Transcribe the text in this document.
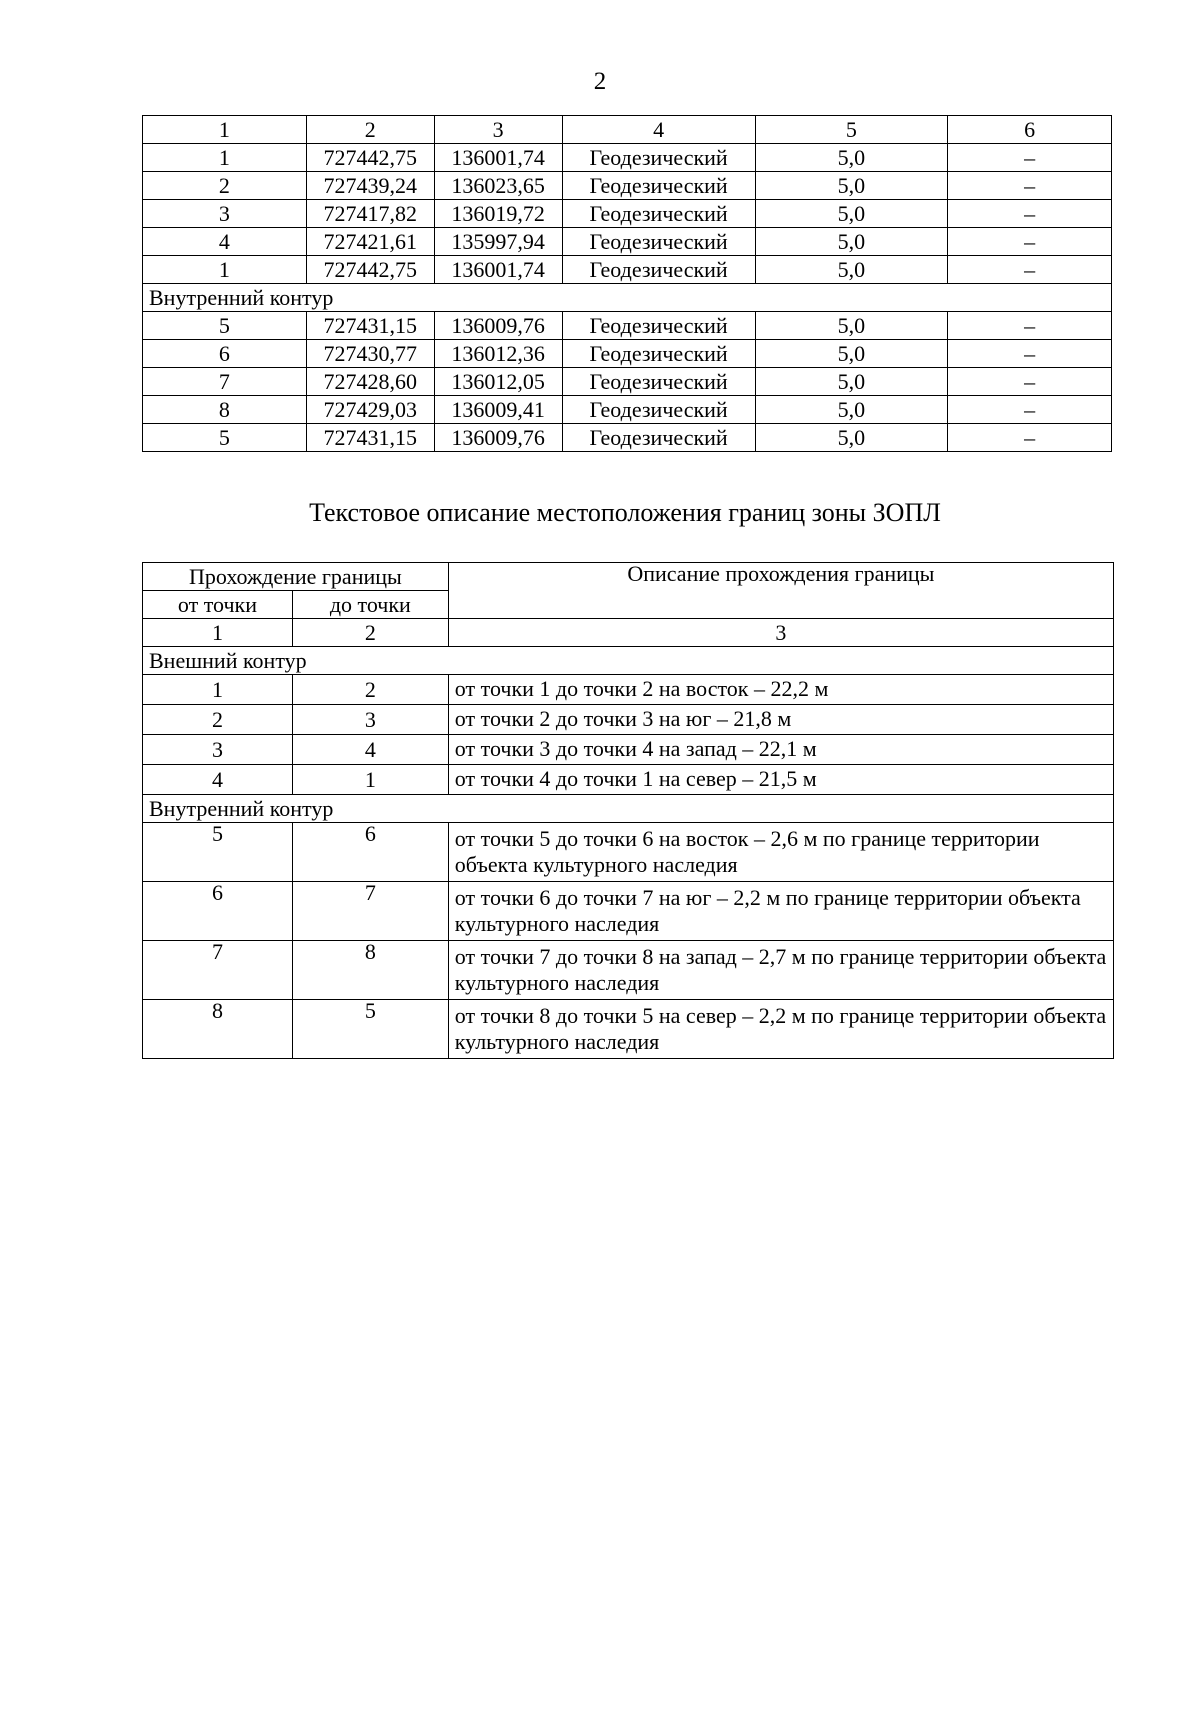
2
1	2	3	4	5	6
1	727442,75	136001,74	Геодезический	5,0	–
2	727439,24	136023,65	Геодезический	5,0	–
3	727417,82	136019,72	Геодезический	5,0	–
4	727421,61	135997,94	Геодезический	5,0	–
1	727442,75	136001,74	Геодезический	5,0	–
Внутренний контур					
5	727431,15	136009,76	Геодезический	5,0	–
6	727430,77	136012,36	Геодезический	5,0	–
7	727428,60	136012,05	Геодезический	5,0	–
8	727429,03	136009,41	Геодезический	5,0	–
5	727431,15	136009,76	Геодезический	5,0	–
Текстовое описание местоположения границ зоны ЗОПЛ
Прохождение границы		Описание прохождения границы
от точки	до точки	
1	2	3
Внешний контур		
1	2	от точки 1 до точки 2 на восток – 22,2 м
2	3	от точки 2 до точки 3 на юг – 21,8 м
3	4	от точки 3 до точки 4 на запад – 22,1 м
4	1	от точки 4 до точки 1 на север – 21,5 м
Внутренний контур		
5	6	от точки 5 до точки 6 на восток – 2,6 м по границе территории объекта культурного наследия
6	7	от точки 6 до точки 7 на юг – 2,2 м по границе территории объекта культурного наследия
7	8	от точки 7 до точки 8 на запад – 2,7 м по границе территории объекта культурного наследия
8	5	от точки 8 до точки 5 на север – 2,2 м по границе территории объекта культурного наследия
